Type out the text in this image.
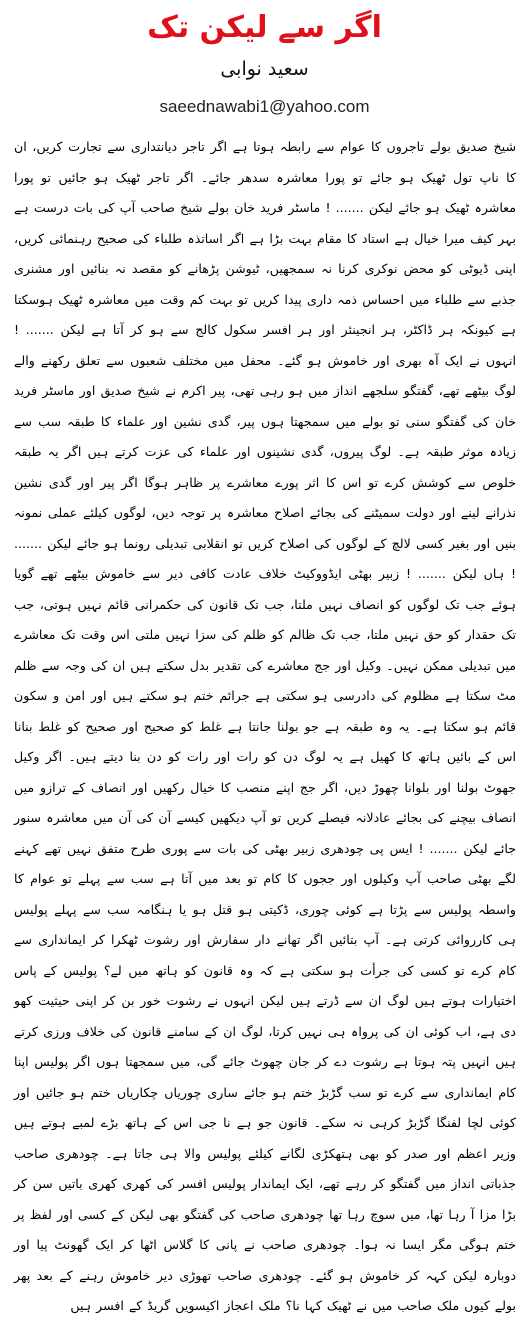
اگر سے لیکن تک
سعید نوابی
saeednawabi1@yahoo.com
شیخ صدیق بولے تاجروں کا عوام سے رابطہ ہوتا ہے اگر تاجر دیانتداری سے تجارت کریں، ان کا ناپ تول ٹھیک ہو جائے تو پورا معاشرہ سدھر جائے۔ اگر تاجر ٹھیک ہو جائیں تو پورا معاشرہ ٹھیک ہو جائے لیکن ....... ! ماسٹر فرید خان بولے شیخ صاحب آپ کی بات درست ہے بہر کیف میرا خیال ہے استاد کا مقام بہت بڑا ہے اگر اساتذہ طلباء کی صحیح رہنمائی کریں، اپنی ڈیوٹی کو محض نوکری کرنا نہ سمجھیں، ٹیوشن پڑھانے کو مقصد نہ بنائیں اور مشنری جذبے سے طلباء میں احساس ذمہ داری پیدا کریں تو بہت کم وقت میں معاشرہ ٹھیک ہوسکتا ہے کیونکہ ہر ڈاکٹر، ہر انجینئر اور ہر افسر سکول کالج سے ہو کر آتا ہے لیکن ....... ! انہوں نے ایک آہ بھری اور خاموش ہو گئے۔ محفل میں مختلف شعبوں سے تعلق رکھنے والے لوگ بیٹھے تھے، گفتگو سلجھے انداز میں ہو رہی تھی، پیر اکرم نے شیخ صدیق اور ماسٹر فرید خان کی گفتگو سنی تو بولے میں سمجھتا ہوں پیر، گدی نشین اور علماء کا طبقہ سب سے زیادہ موثر طبقہ ہے۔ لوگ پیروں، گدی نشینوں اور علماء کی عزت کرتے ہیں اگر یہ طبقہ خلوص سے کوشش کرے تو اس کا اثر پورے معاشرے پر ظاہر ہوگا اگر پیر اور گدی نشین نذرانے لینے اور دولت سمیٹنے کی بجائے اصلاح معاشرہ پر توجہ دیں، لوگوں کیلئے عملی نمونہ بنیں اور بغیر کسی لالچ کے لوگوں کی اصلاح کریں تو انقلابی تبدیلی رونما ہو جائے لیکن ....... ! ہاں لیکن ....... ! زبیر بھٹی ایڈووکیٹ خلاف عادت کافی دیر سے خاموش بیٹھے تھے گویا ہوئے جب تک لوگوں کو انصاف نہیں ملتا، جب تک قانون کی حکمرانی قائم نہیں ہوتی، جب تک حقدار کو حق نہیں ملتا، جب تک ظالم کو ظلم کی سزا نہیں ملتی اس وقت تک معاشرے میں تبدیلی ممکن نہیں۔ وکیل اور جج معاشرے کی تقدیر بدل سکتے ہیں ان کی وجہ سے ظلم مٹ سکتا ہے مظلوم کی دادرسی ہو سکتی ہے جرائم ختم ہو سکتے ہیں اور امن و سکون قائم ہو سکتا ہے۔ یہ وہ طبقہ ہے جو بولنا جانتا ہے غلط کو صحیح اور صحیح کو غلط بنانا اس کے بائیں ہاتھ کا کھیل ہے یہ لوگ دن کو رات اور رات کو دن بنا دیتے ہیں۔ اگر وکیل جھوٹ بولنا اور بلوانا چھوڑ دیں، اگر جج اپنے منصب کا خیال رکھیں اور انصاف کے ترازو میں انصاف بیچنے کی بجائے عادلانہ فیصلے کریں تو آپ دیکھیں کیسے آن کی آن میں معاشرہ سنور جائے لیکن ....... ! ایس پی چودھری زبیر بھٹی کی بات سے پوری طرح متفق نہیں تھے کہنے لگے بھٹی صاحب آپ وکیلوں اور ججوں کا کام تو بعد میں آتا ہے سب سے پہلے تو عوام کا واسطہ پولیس سے پڑتا ہے کوئی چوری، ڈکیتی ہو قتل ہو یا ہنگامہ سب سے پہلے پولیس ہی کارروائی کرتی ہے۔ آپ بتائیں اگر تھانے دار سفارش اور رشوت ٹھکرا کر ایمانداری سے کام کرے تو کسی کی جرأت ہو سکتی ہے کہ وہ قانون کو ہاتھ میں لے؟ پولیس کے پاس اختیارات ہوتے ہیں لوگ ان سے ڈرتے ہیں لیکن انہوں نے رشوت خور بن کر اپنی حیثیت کھو دی ہے، اب کوئی ان کی پرواہ ہی نہیں کرتا، لوگ ان کے سامنے قانون کی خلاف ورزی کرتے ہیں انہیں پتہ ہوتا ہے رشوت دے کر جان چھوٹ جائے گی، میں سمجھتا ہوں اگر پولیس اپنا کام ایمانداری سے کرے تو سب گڑبڑ ختم ہو جائے ساری چوریاں چکاریاں ختم ہو جائیں اور کوئی لچا لفنگا گڑبڑ کرہی نہ سکے۔ قانون جو ہے نا جی اس کے ہاتھ بڑے لمبے ہوتے ہیں وزیر اعظم اور صدر کو بھی ہتھکڑی لگانے کیلئے پولیس والا ہی جاتا ہے۔ چودھری صاحب جذباتی انداز میں گفتگو کر رہے تھے، ایک ایماندار پولیس افسر کی کھری کھری باتیں سن کر بڑا مزا آ رہا تھا، میں سوچ رہا تھا چودھری صاحب کی گفتگو بھی لیکن کے کسی اور لفظ پر ختم ہوگی مگر ایسا نہ ہوا۔ چودھری صاحب نے پانی کا گلاس اٹھا کر ایک گھونٹ پیا اور دوبارہ لیکن کہہ کر خاموش ہو گئے۔ چودھری صاحب تھوڑی دیر خاموش رہنے کے بعد پھر بولے کیوں ملک صاحب میں نے ٹھیک کہا نا؟ ملک اعجاز اکیسویں گریڈ کے افسر ہیں
